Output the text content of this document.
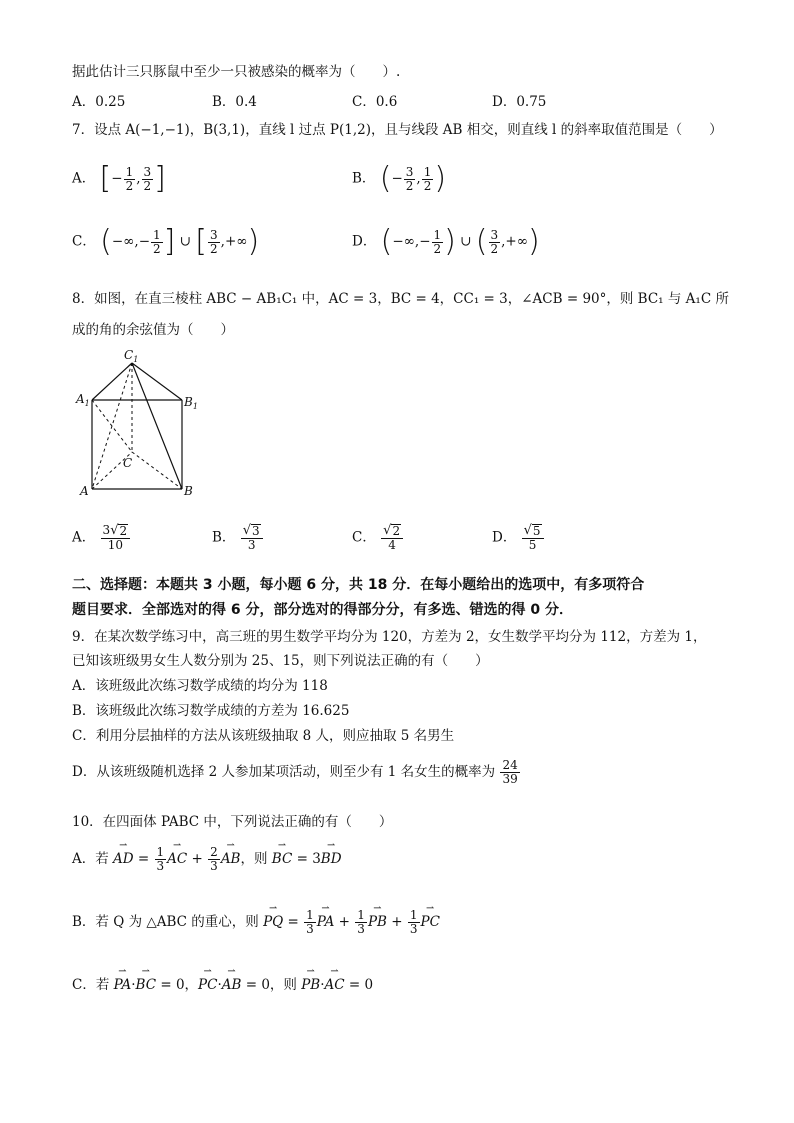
据此估计三只豚鼠中至少一只被感染的概率为（　　）.
A．0.25	B．0.4	C．0.6	D．0.75
7．设点 A(−1,−1)，B(3,1)，直线 l 过点 P(1,2)，且与线段 AB 相交，则直线 l 的斜率取值范围是（　　）
A． [− $\frac{1}{2}$ , $\frac{3}{2}$ ]	B． (− $\frac{3}{2}$ , $\frac{1}{2}$ )
C． (−∞,− $\frac{1}{2}$ ] ∪ [ $\frac{3}{2}$ ,+∞)	D． (−∞,− $\frac{1}{2}$ ) ∪ ( $\frac{3}{2}$ ,+∞)
8．如图，在直三棱柱 ABC − AB₁C₁ 中，AC = 3，BC = 4，CC₁ = 3，∠ACB = 90°，则 BC₁ 与 A₁C 所
成的角的余弦值为（　　）
$C_1$
$A_1$	$B_1$
C
A	B
A． $\frac{3 √ 2}{10}$	B． $\frac{√ 3}{3}$	C． $\frac{√ 2}{4}$	D． $\frac{√ 5}{5}$
二、选择题：本题共 3 小题，每小题 6 分，共 18 分．在每小题给出的选项中，有多项符合
题目要求．全部选对的得 6 分，部分选对的得部分分，有多选、错选的得 0 分．
9．在某次数学练习中，高三班的男生数学平均分为 120，方差为 2，女生数学平均分为 112，方差为 1，
已知该班级男女生人数分别为 25、15，则下列说法正确的有（　　）
A．该班级此次练习数学成绩的均分为 118
B．该班级此次练习数学成绩的方差为 16.625
C．利用分层抽样的方法从该班级抽取 8 人，则应抽取 5 名男生
D．从该班级随机选择 2 人参加某项活动，则至少有 1 名女生的概率为 $\frac{24}{39}$
10．在四面体 PABC 中，下列说法正确的有（　　）
A．若 ⇀ AD = $\frac{1}{3}$ ⇀ AC + $\frac{2}{3}$ ⇀ AB，则 ⇀ BC = 3⇀ BD
B．若 Q 为 △ABC 的重心，则 ⇀ PQ = $\frac{1}{3}$ ⇀ PA + $\frac{1}{3}$ ⇀ PB + $\frac{1}{3}$ ⇀ PC
C．若 ⇀ PA·⇀ BC = 0，⇀ PC·⇀ AB = 0，则 ⇀ PB·⇀ AC = 0
